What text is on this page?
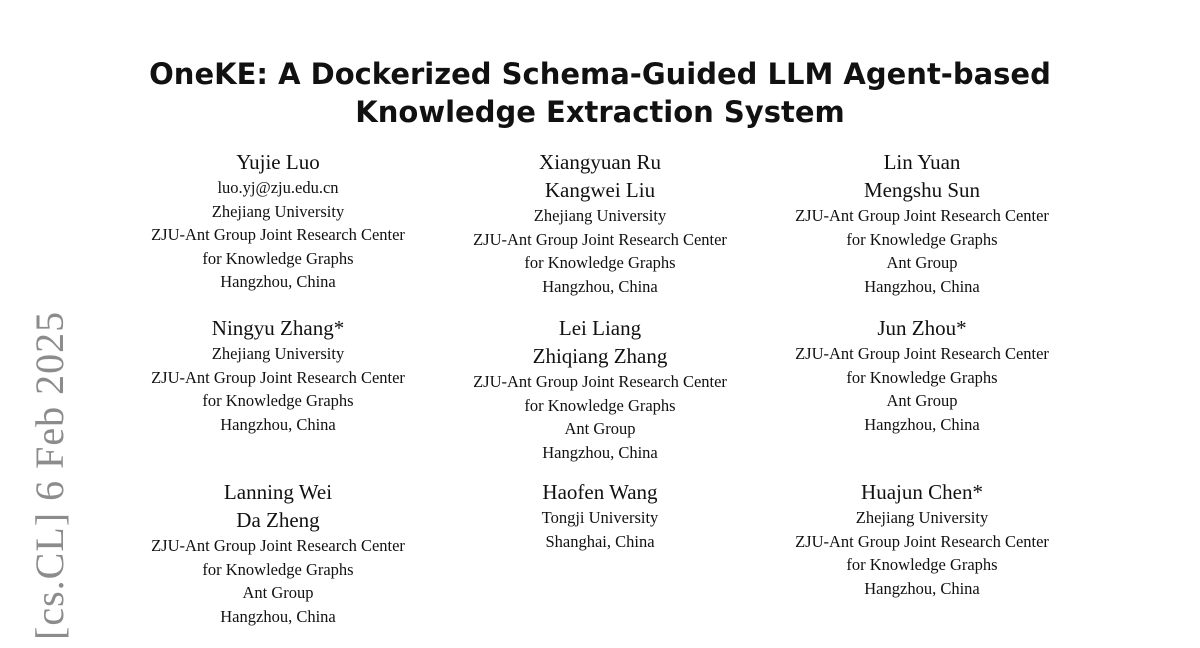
[cs.CL] 6 Feb 2025
OneKE: A Dockerized Schema-Guided LLM Agent-based
Knowledge Extraction System
Yujie Luo
luo.yj@zju.edu.cn
Zhejiang University
ZJU-Ant Group Joint Research Center
for Knowledge Graphs
Hangzhou, China
Xiangyuan Ru
Kangwei Liu
Zhejiang University
ZJU-Ant Group Joint Research Center
for Knowledge Graphs
Hangzhou, China
Lin Yuan
Mengshu Sun
ZJU-Ant Group Joint Research Center
for Knowledge Graphs
Ant Group
Hangzhou, China
Ningyu Zhang*
Zhejiang University
ZJU-Ant Group Joint Research Center
for Knowledge Graphs
Hangzhou, China
Lei Liang
Zhiqiang Zhang
ZJU-Ant Group Joint Research Center
for Knowledge Graphs
Ant Group
Hangzhou, China
Jun Zhou*
ZJU-Ant Group Joint Research Center
for Knowledge Graphs
Ant Group
Hangzhou, China
Lanning Wei
Da Zheng
ZJU-Ant Group Joint Research Center
for Knowledge Graphs
Ant Group
Hangzhou, China
Haofen Wang
Tongji University
Shanghai, China
Huajun Chen*
Zhejiang University
ZJU-Ant Group Joint Research Center
for Knowledge Graphs
Hangzhou, China
